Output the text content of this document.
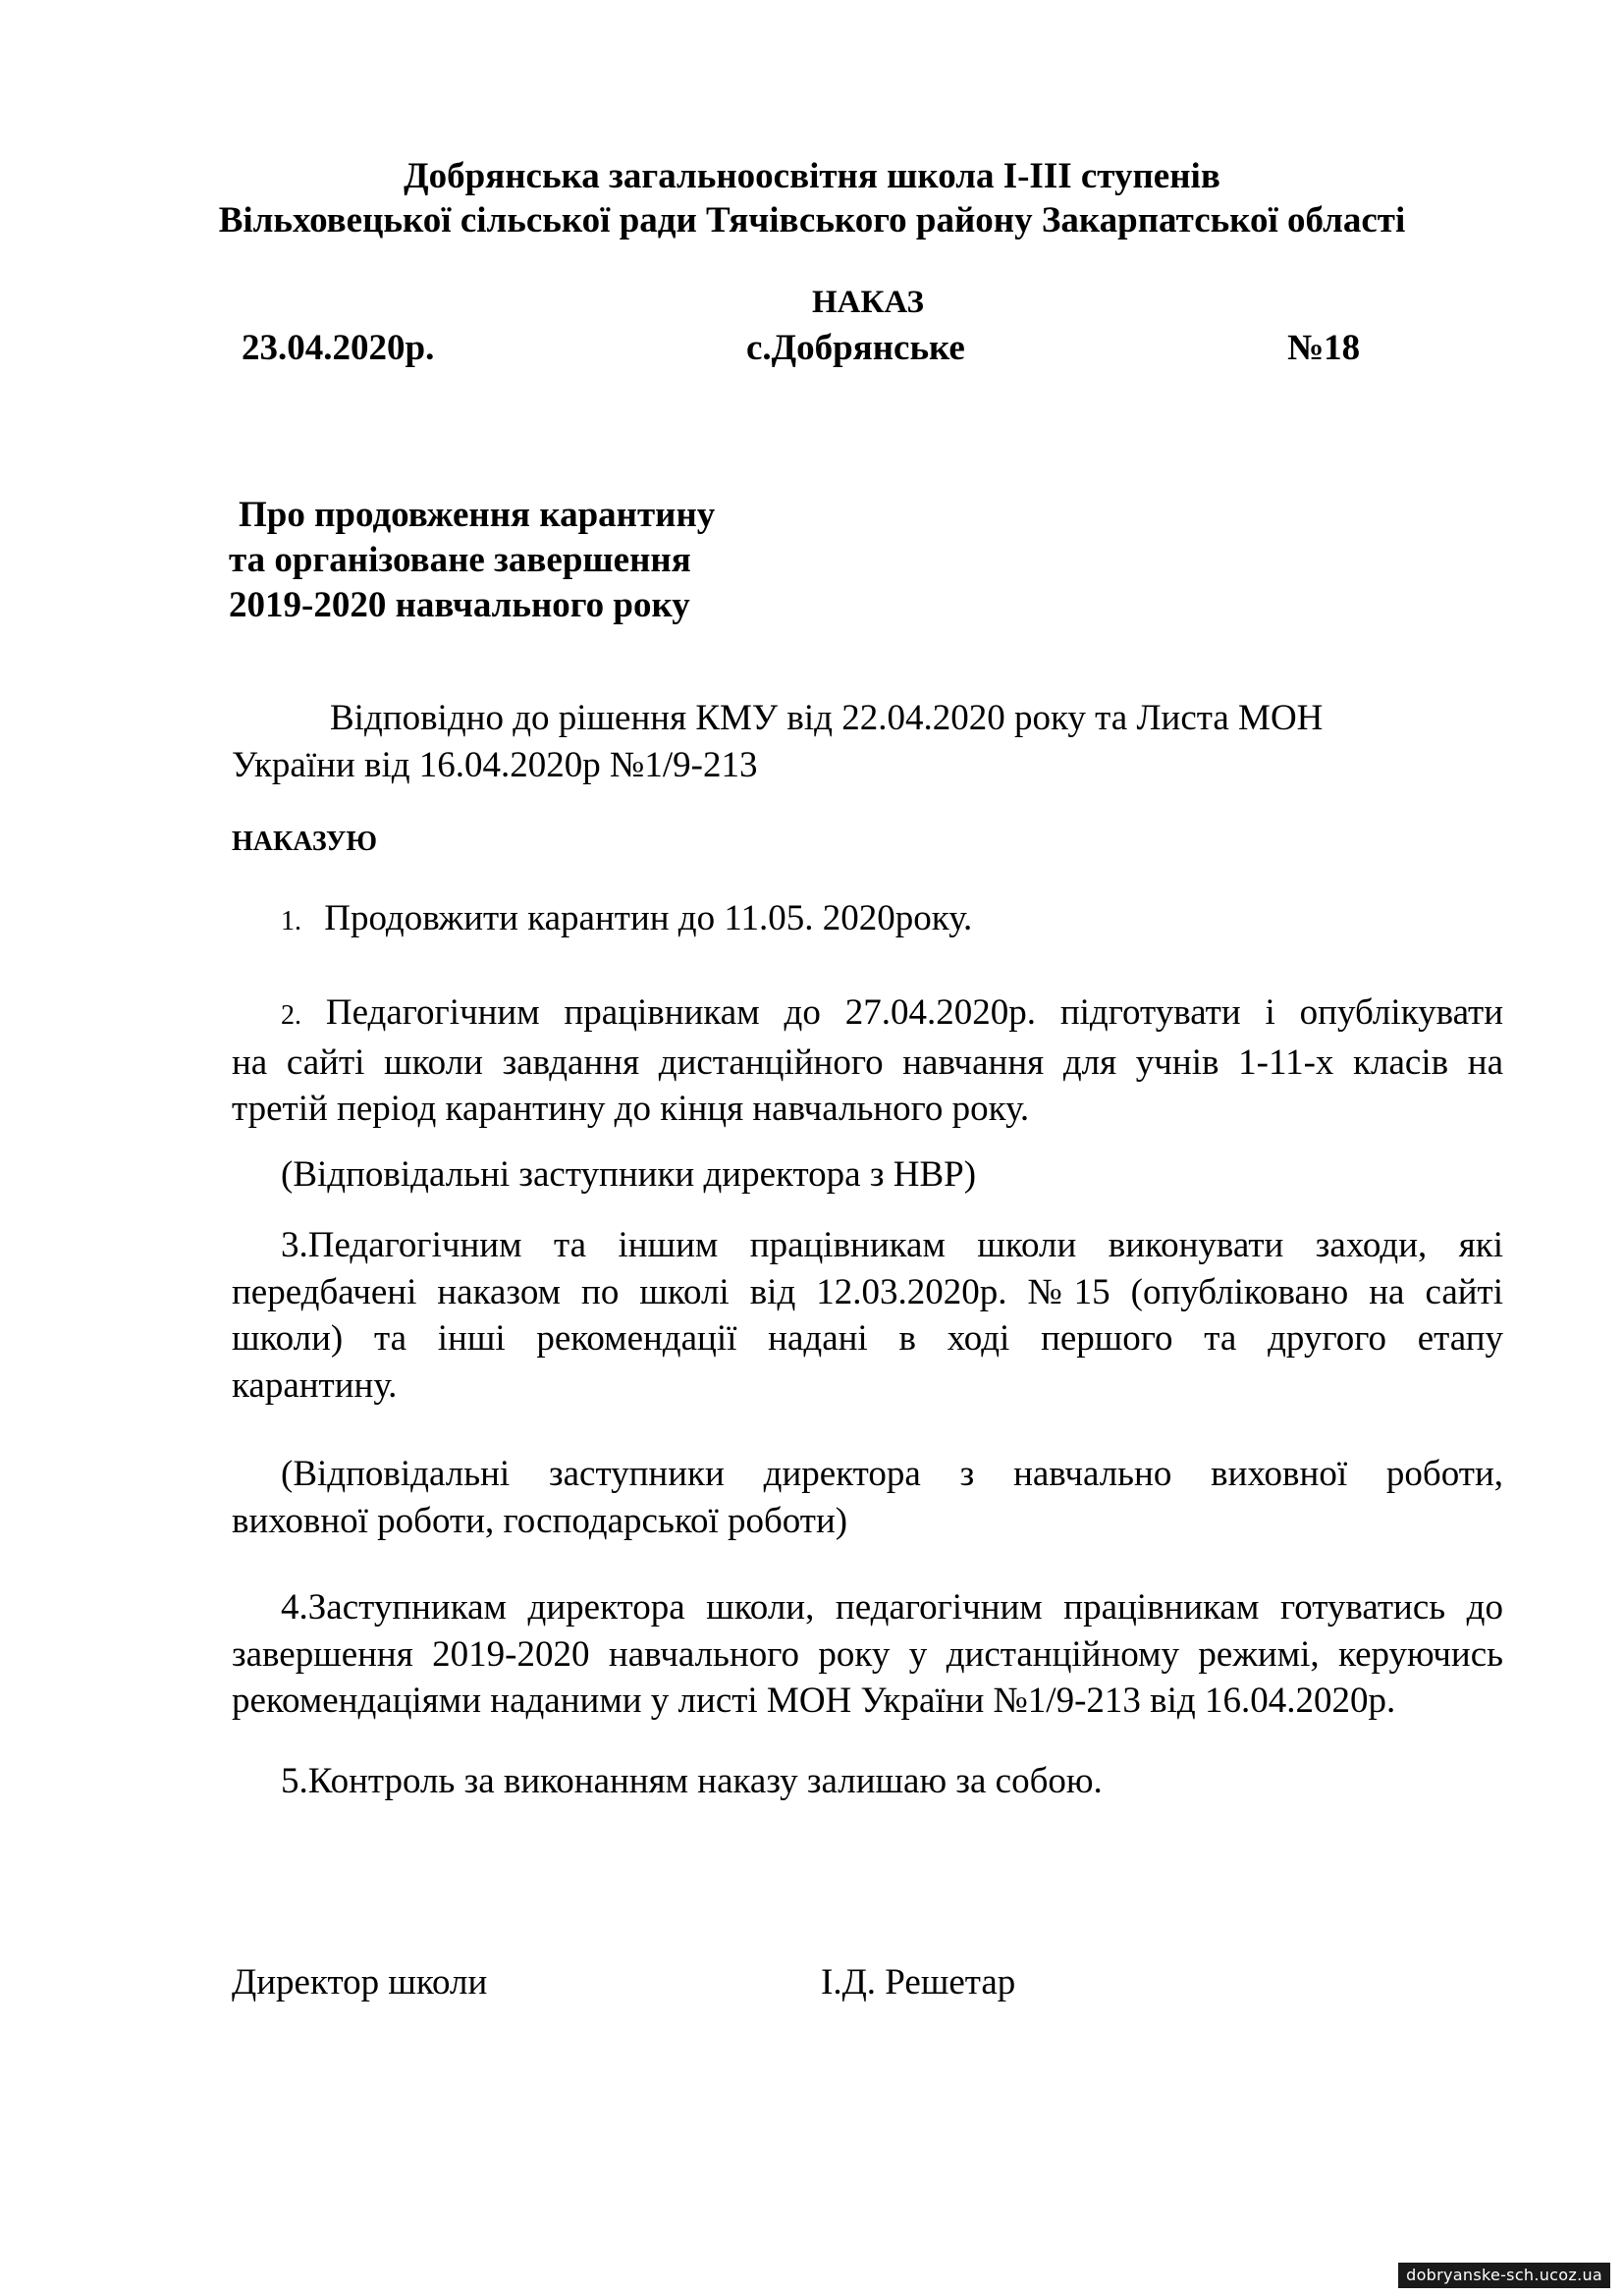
Добрянська загальноосвітня школа І-ІІІ ступенів
Вільховецької сільської ради Тячівського району Закарпатської області
НАКАЗ
23.04.2020р.	с.Добрянське	№18
Про продовження карантину
та організоване завершення
2019-2020 навчального року
Відповідно до рішення КМУ від 22.04.2020 року та Листа МОН
України від 16.04.2020р №1/9-213
НАКАЗУЮ
1. Продовжити карантин до 11.05. 2020року.
2. Педагогічним працівникам до 27.04.2020р. підготувати і опублікувати
на сайті школи завдання дистанційного навчання для учнів 1-11-х класів на
третій період карантину до кінця навчального року.
(Відповідальні заступники директора з НВР)
3.Педагогічним та іншим працівникам школи виконувати заходи, які
передбачені наказом по школі від 12.03.2020р. №15 (опубліковано на сайті
школи) та інші рекомендації надані в ході першого та другого етапу
карантину.
(Відповідальні заступники директора з навчально виховної роботи,
виховної роботи, господарської роботи)
4.Заступникам директора школи, педагогічним працівникам готуватись до
завершення 2019-2020 навчального року у дистанційному режимі, керуючись
рекомендаціями наданими у листі МОН України №1/9-213 від 16.04.2020р.
5.Контроль за виконанням наказу залишаю за собою.
Директор школи	І.Д. Решетар
dobryanske-sch.ucoz.ua
